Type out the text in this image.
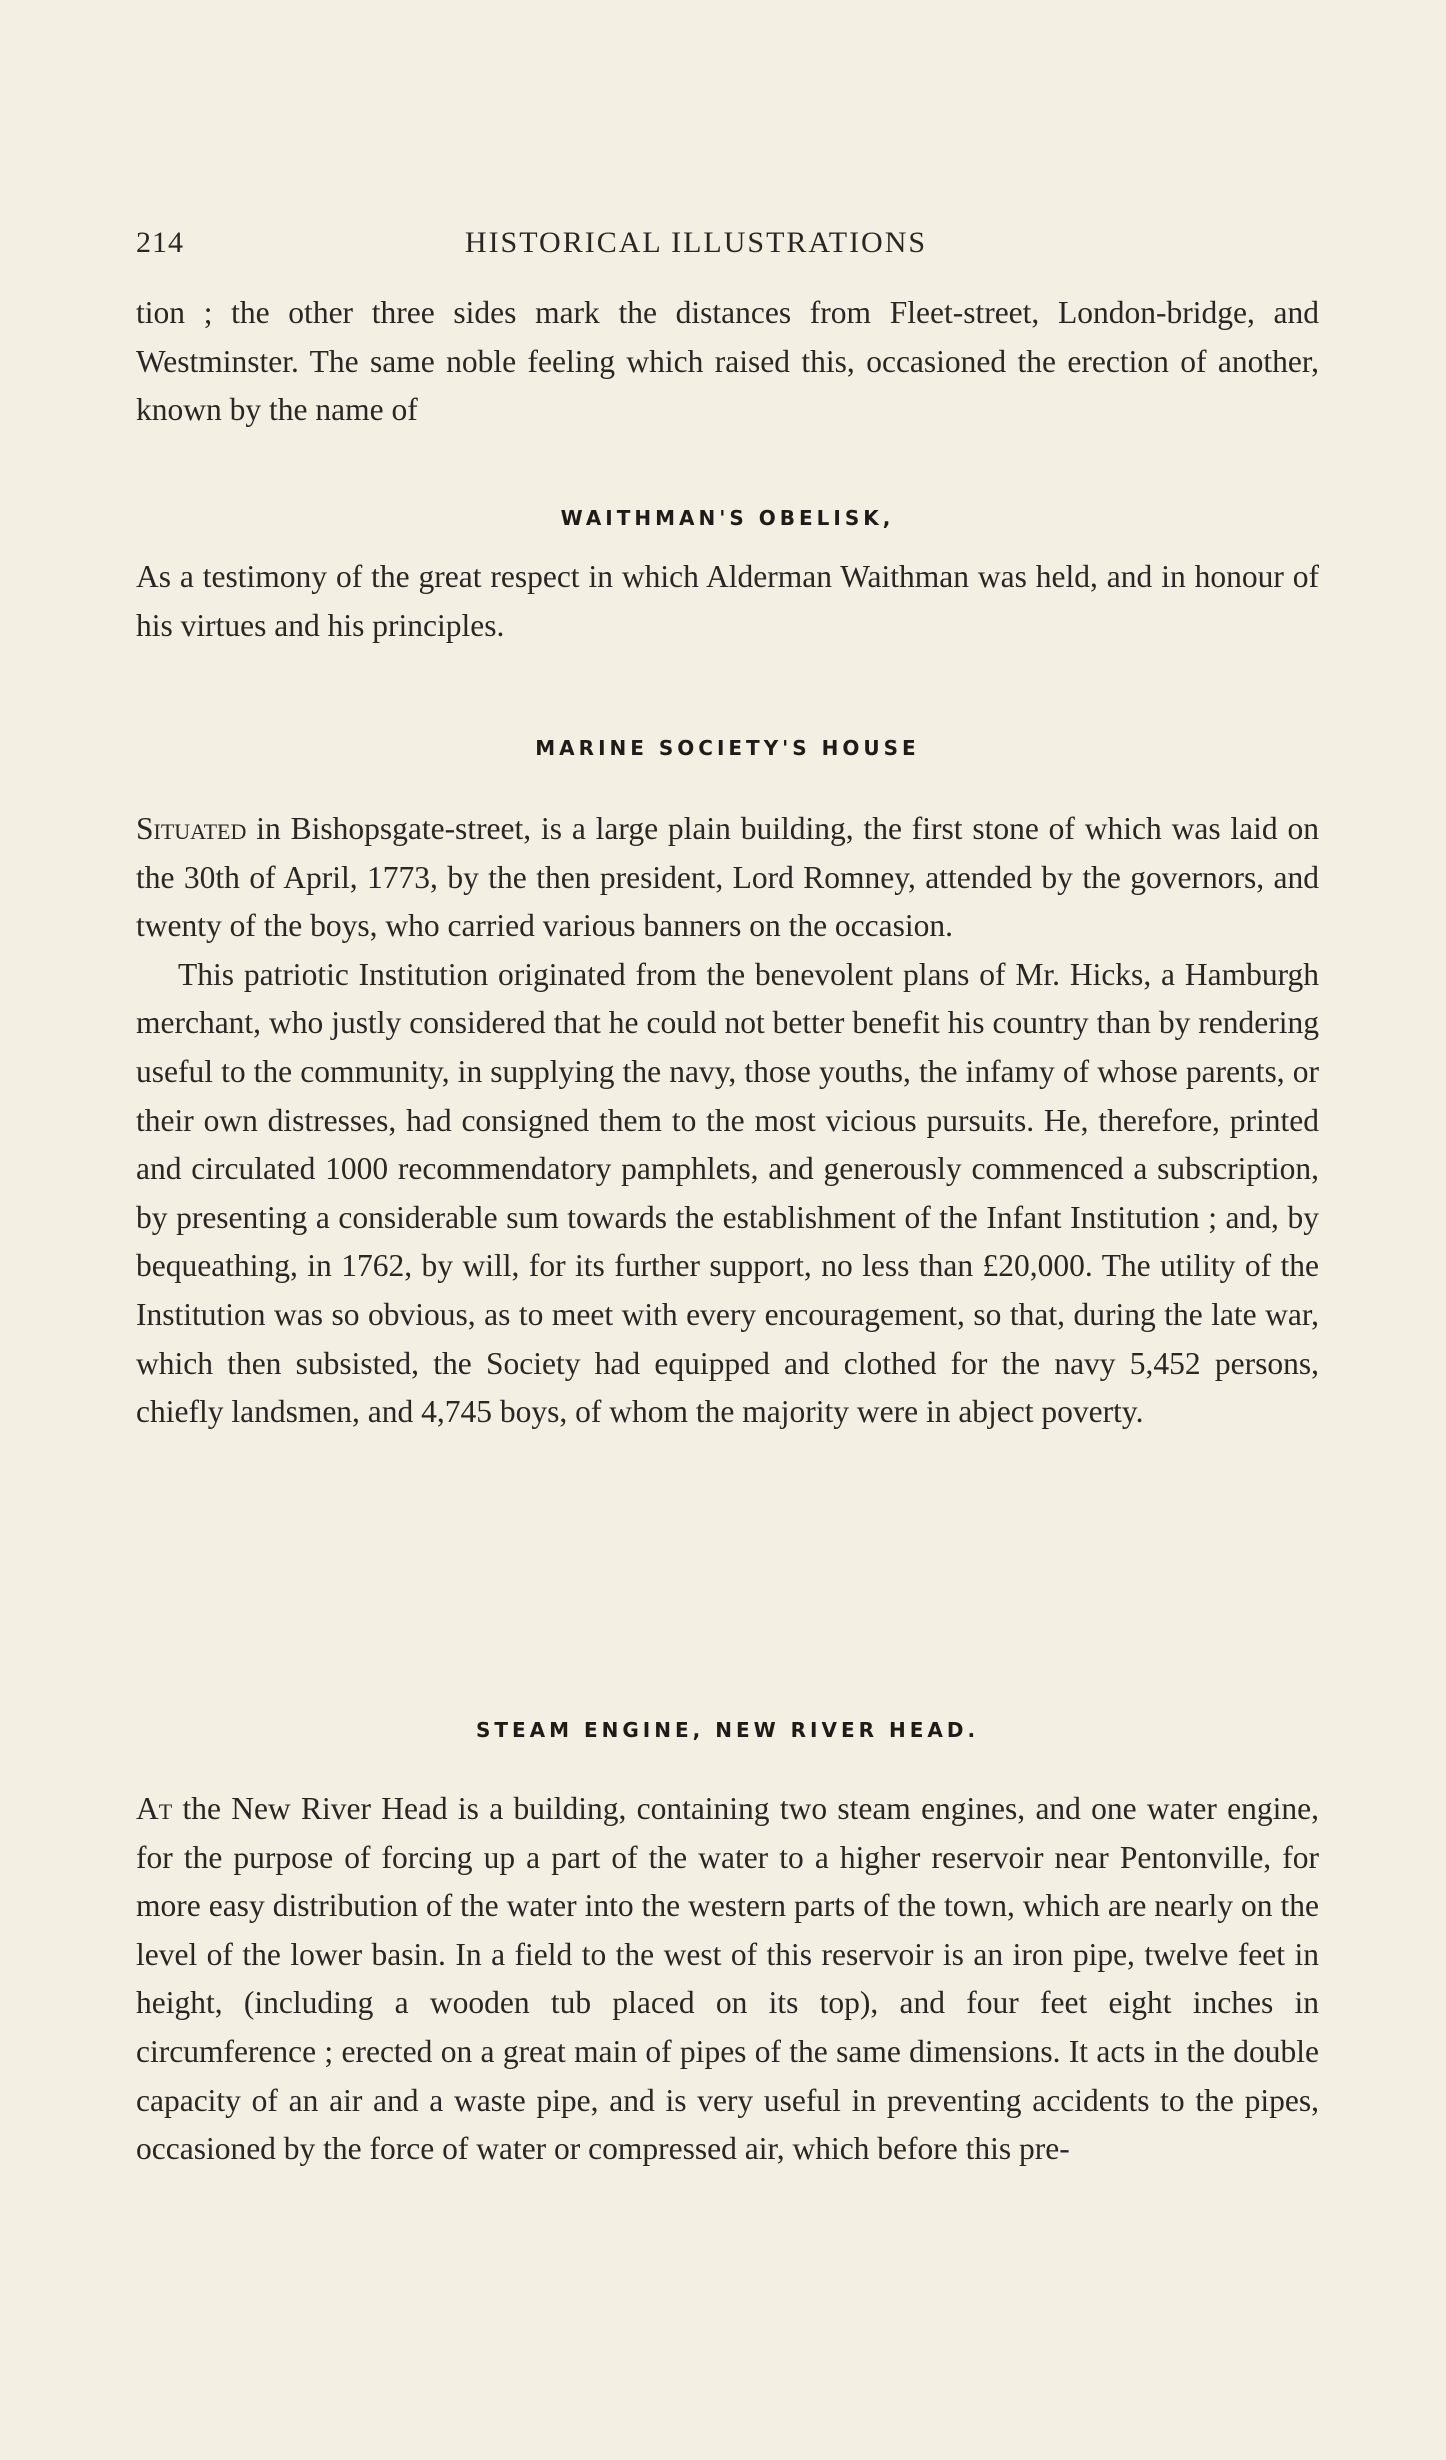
214	HISTORICAL ILLUSTRATIONS

tion ; the other three sides mark the distances from Fleet-street, London-bridge, and Westminster. The same noble feeling which raised this, occasioned the erection of another, known by the name of

WAITHMAN'S OBELISK,

As a testimony of the great respect in which Alderman Waithman was held, and in honour of his virtues and his principles.

MARINE SOCIETY'S HOUSE

Situated in Bishopsgate-street, is a large plain building, the first stone of which was laid on the 30th of April, 1773, by the then president, Lord Romney, attended by the governors, and twenty of the boys, who carried various banners on the occasion.

This patriotic Institution originated from the benevolent plans of Mr. Hicks, a Hamburgh merchant, who justly considered that he could not better benefit his country than by rendering useful to the community, in supplying the navy, those youths, the infamy of whose parents, or their own distresses, had consigned them to the most vicious pursuits. He, therefore, printed and circulated 1000 recommendatory pamphlets, and generously commenced a subscription, by presenting a considerable sum towards the establishment of the Infant Institution ; and, by bequeathing, in 1762, by will, for its further support, no less than £20,000. The utility of the Institution was so obvious, as to meet with every encouragement, so that, during the late war, which then subsisted, the Society had equipped and clothed for the navy 5,452 persons, chiefly landsmen, and 4,745 boys, of whom the majority were in abject poverty.

STEAM ENGINE, NEW RIVER HEAD.

At the New River Head is a building, containing two steam engines, and one water engine, for the purpose of forcing up a part of the water to a higher reservoir near Pentonville, for more easy distribution of the water into the western parts of the town, which are nearly on the level of the lower basin. In a field to the west of this reservoir is an iron pipe, twelve feet in height, (including a wooden tub placed on its top), and four feet eight inches in circumference ; erected on a great main of pipes of the same dimensions. It acts in the double capacity of an air and a waste pipe, and is very useful in preventing accidents to the pipes, occasioned by the force of water or compressed air, which before this pre-
